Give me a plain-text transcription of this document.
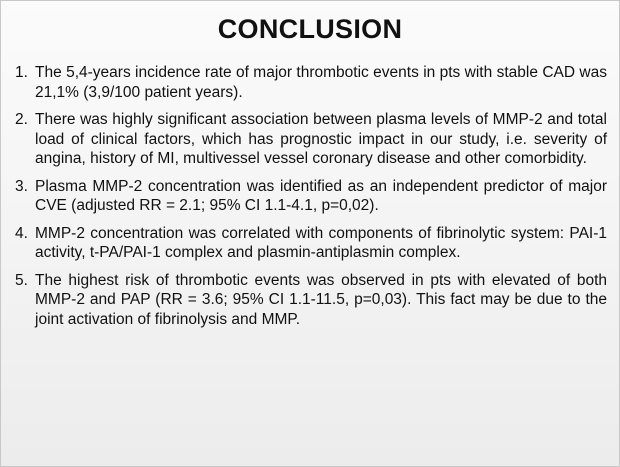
CONCLUSION
1. The 5,4-years incidence rate of major thrombotic events in pts with stable CAD was 21,1% (3,9/100 patient years).
2. There was highly significant association between plasma levels of MMP-2 and total load of clinical factors, which has prognostic impact in our study, i.e. severity of angina, history of MI, multivessel vessel coronary disease and other comorbidity.
3. Plasma MMP-2 concentration was identified as an independent predictor of major CVE (adjusted RR = 2.1; 95% CI 1.1-4.1, p=0,02).
4. MMP-2 concentration was correlated with components of fibrinolytic system: PAI-1 activity, t-PA/PAI-1 complex and plasmin-antiplasmin complex.
5. The highest risk of thrombotic events was observed in pts with elevated of both MMP-2 and PAP (RR = 3.6; 95% CI 1.1-11.5, p=0,03). This fact may be due to the joint activation of fibrinolysis and MMP.
